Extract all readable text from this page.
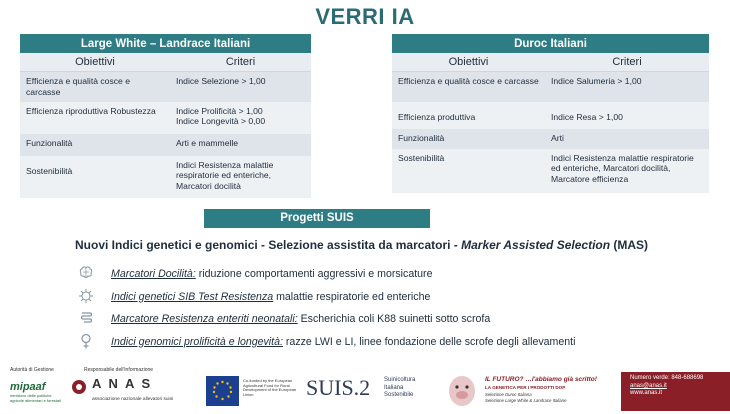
VERRI IA
Large White – Landrace Italiani	
Obiettivi	Criteri
Efficienza e qualità cosce e carcasse	Indice Selezione > 1,00
Efficienza riproduttiva Robustezza	Indice Prolificità > 1,00
Indice Longevità > 0,00
Funzionalità	Arti e mammelle
Sostenibilità	Indici Resistenza malattie respiratorie ed enteriche, Marcatori docilità
Duroc Italiani	
Obiettivi	Criteri
Efficienza e qualità cosce e carcasse	Indice Salumeria > 1,00
Efficienza produttiva	Indice Resa > 1,00
Funzionalità	Arti
Sostenibilità	Indici Resistenza malattie respiratorie ed enteriche, Marcatori docilità, Marcatore efficienza
Progetti SUIS
Nuovi Indici genetici e genomici - Selezione assistita da marcatori - Marker Assisted Selection (MAS)
Marcatori Docilità: riduzione comportamenti aggressivi e morsicature
Indici genetici SIB Test Resistenza malattie respiratorie ed enteriche
Marcatore Resistenza enteriti neonatali: Escherichia coli K88 suinetti sotto scrofa
Indici genomici prolificità e longevità: razze LWI e LI, linee fondazione delle scrofe degli allevamenti
Autorità di Gestione
mipaaf
ministero delle politiche agricole alimentari e forestali
Responsabile dell'informazione
A N A S
associazione nazionale allevatori suini
Co-funded by the European Agricultural Fund for Rural Development of the European Union	SUIS.2 Suinicoltura Italiana Sostenibile
IL FUTURO? …l'abbiamo già scritto!
LA GENETICA PER I PRODOTTI DOP
Selezione Duroc Italiana
Selezione Large White & Landrace Italiane
Numero verde: 848-688698
anas@anas.it
www.anas.it
